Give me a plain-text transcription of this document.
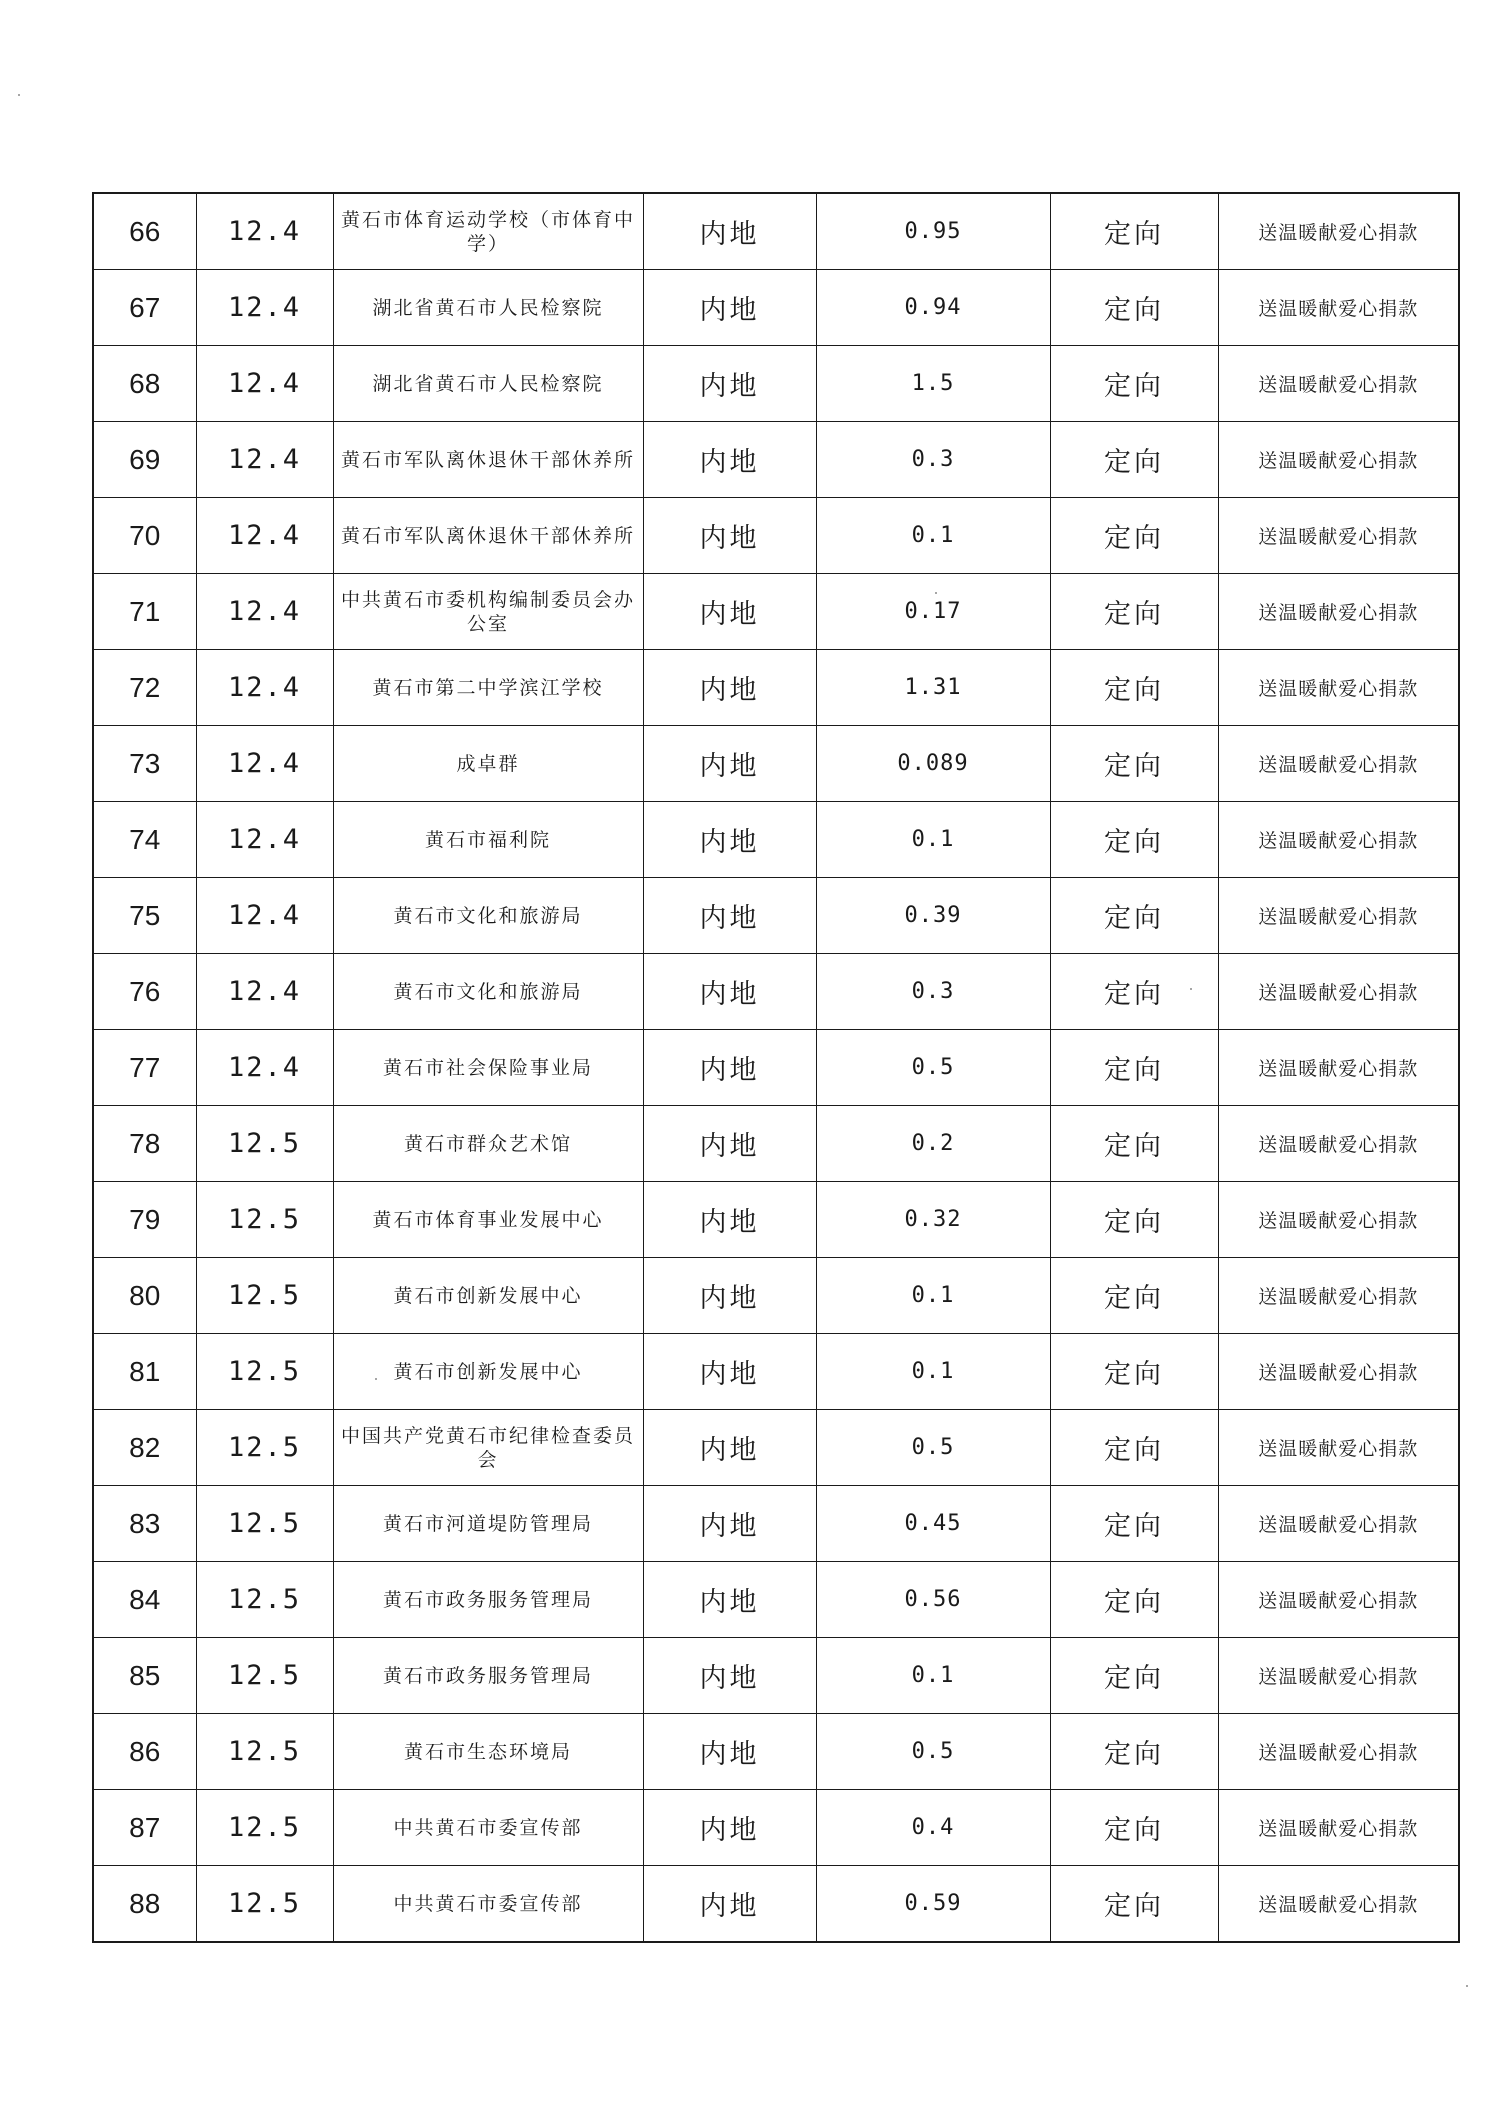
66	12.4	黄石市体育运动学校（市体育中学）	内地	0.95	定向	送温暖献爱心捐款
67	12.4	湖北省黄石市人民检察院	内地	0.94	定向	送温暖献爱心捐款
68	12.4	湖北省黄石市人民检察院	内地	1.5	定向	送温暖献爱心捐款
69	12.4	黄石市军队离休退休干部休养所	内地	0.3	定向	送温暖献爱心捐款
70	12.4	黄石市军队离休退休干部休养所	内地	0.1	定向	送温暖献爱心捐款
71	12.4	中共黄石市委机构编制委员会办公室	内地	0.17	定向	送温暖献爱心捐款
72	12.4	黄石市第二中学滨江学校	内地	1.31	定向	送温暖献爱心捐款
73	12.4	成卓群	内地	0.089	定向	送温暖献爱心捐款
74	12.4	黄石市福利院	内地	0.1	定向	送温暖献爱心捐款
75	12.4	黄石市文化和旅游局	内地	0.39	定向	送温暖献爱心捐款
76	12.4	黄石市文化和旅游局	内地	0.3	定向	送温暖献爱心捐款
77	12.4	黄石市社会保险事业局	内地	0.5	定向	送温暖献爱心捐款
78	12.5	黄石市群众艺术馆	内地	0.2	定向	送温暖献爱心捐款
79	12.5	黄石市体育事业发展中心	内地	0.32	定向	送温暖献爱心捐款
80	12.5	黄石市创新发展中心	内地	0.1	定向	送温暖献爱心捐款
81	12.5	黄石市创新发展中心	内地	0.1	定向	送温暖献爱心捐款
82	12.5	中国共产党黄石市纪律检查委员会	内地	0.5	定向	送温暖献爱心捐款
83	12.5	黄石市河道堤防管理局	内地	0.45	定向	送温暖献爱心捐款
84	12.5	黄石市政务服务管理局	内地	0.56	定向	送温暖献爱心捐款
85	12.5	黄石市政务服务管理局	内地	0.1	定向	送温暖献爱心捐款
86	12.5	黄石市生态环境局	内地	0.5	定向	送温暖献爱心捐款
87	12.5	中共黄石市委宣传部	内地	0.4	定向	送温暖献爱心捐款
88	12.5	中共黄石市委宣传部	内地	0.59	定向	送温暖献爱心捐款
